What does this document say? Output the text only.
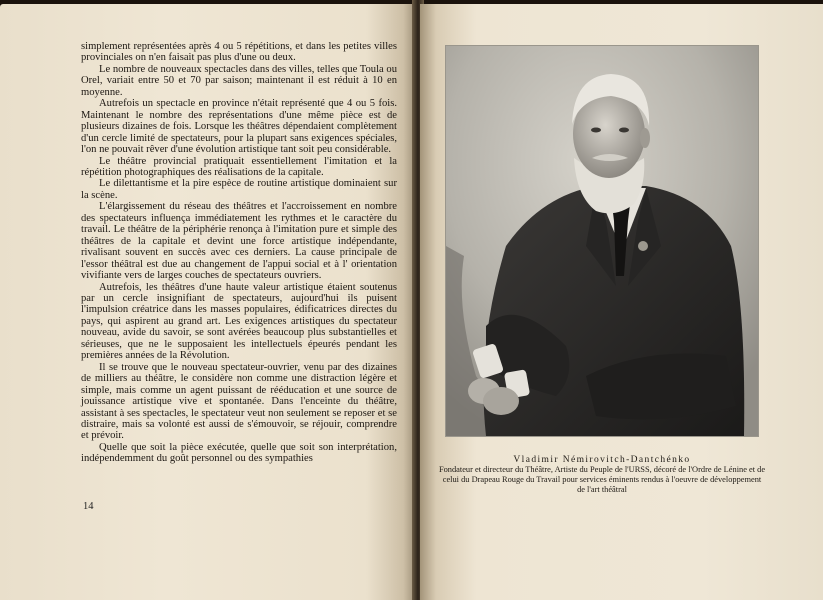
simplement représentées après 4 ou 5 répétitions, et dans les petites villes provinciales on n'en faisait pas plus d'une ou deux.

Le nombre de nouveaux spectacles dans des villes, telles que Toula ou Orel, variait entre 50 et 70 par saison; maintenant il est réduit à 10 en moyenne.

Autrefois un spectacle en province n'était représenté que 4 ou 5 fois. Maintenant le nombre des représentations d'une même pièce est de plusieurs dizaines de fois. Lorsque les théâtres dépendaient complètement d'un cercle limité de spectateurs, pour la plupart sans exigences spéciales, l'on ne pouvait rêver d'une évolution artistique tant soit peu considérable.

Le théâtre provincial pratiquait essentiellement l'imitation et la répétition photographiques des réalisations de la capitale.

Le dilettantisme et la pire espèce de routine artistique dominaient sur la scène.

L'élargissement du réseau des théâtres et l'accroissement en nombre des spectateurs influença immédiatement les rythmes et le caractère du travail. Le théâtre de la périphérie renonça à l'imitation pure et simple des théâtres de la capitale et devint une force artistique indépendante, rivalisant souvent en succès avec ces derniers. La cause principale de l'essor théâtral est due au changement de l'appui social et à l' orientation vivifiante vers de larges couches de spectateurs ouvriers.

Autrefois, les théâtres d'une haute valeur artistique étaient soutenus par un cercle insignifiant de spectateurs, aujourd'hui ils puisent l'impulsion créatrice dans les masses populaires, édificatrices directes du pays, qui aspirent au grand art. Les exigences artistiques du spectateur nouveau, avide du savoir, se sont avérées beaucoup plus substantielles et sérieuses, que ne le supposaient les intellectuels épeurés pendant les premières années de la Révolution.

Il se trouve que le nouveau spectateur-ouvrier, venu par des dizaines de milliers au théâtre, le considère non comme une distraction légère et simple, mais comme un agent puissant de rééducation et une source de jouissance artistique vive et spontanée. Dans l'enceinte du théâtre, assistant à ses spectacles, le spectateur veut non seulement se reposer et se distraire, mais sa volonté est aussi de s'émouvoir, se réjouir, comprendre et prévoir.

Quelle que soit la pièce exécutée, quelle que soit son interprétation, indépendemment du goût personnel ou des sympathies

14
Vladimir Némirovitch-Dantchénko
Fondateur et directeur du Théâtre, Artiste du Peuple de l'URSS, décoré de l'Ordre de Lénine et de celui du Drapeau Rouge du Travail pour services éminents rendus à l'oeuvre de développement de l'art théâtral
